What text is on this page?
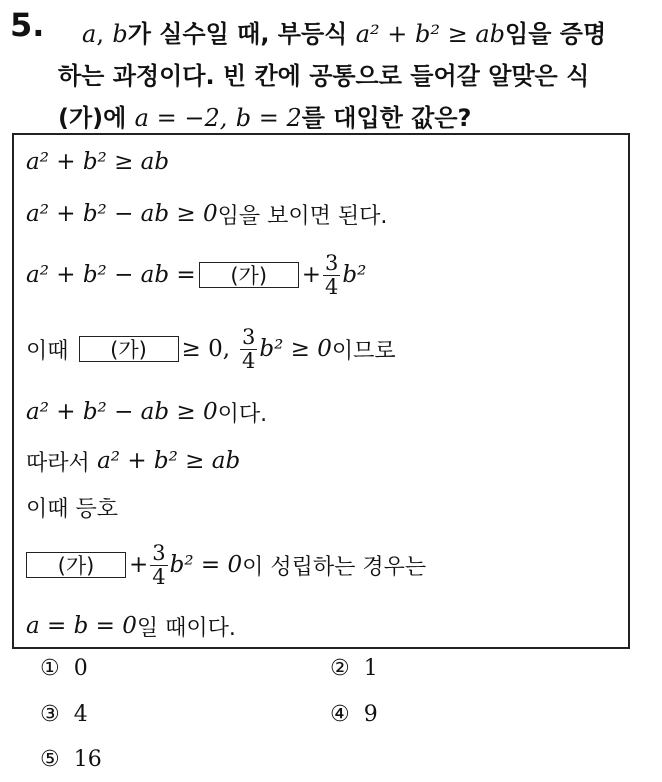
5. a, b가 실수일 때, 부등식 a² + b² ≥ ab임을 증명
하는 과정이다. 빈 칸에 공통으로 들어갈 알맞은 식
(가)에 a = −2, b = 2를 대입한 값은?
a² + b² ≥ ab
a² + b² − ab ≥ 0 임을 보이면 된다.
a² + b² − ab =	(가)	+ $\frac{3}{4} b^2$
이때	(가)	≥ 0, $\frac{3}{4} b^2 \ge 0$ 이므로
a² + b² − ab ≥ 0 이다.
따라서
a² + b² ≥ ab
이때 등호
(가)	+ $\frac{3}{4} b^2 = 0$ 이 성립하는 경우는
a = b = 0 일 때이다.
① 0	② 1
③ 4	④ 9
⑤ 16
